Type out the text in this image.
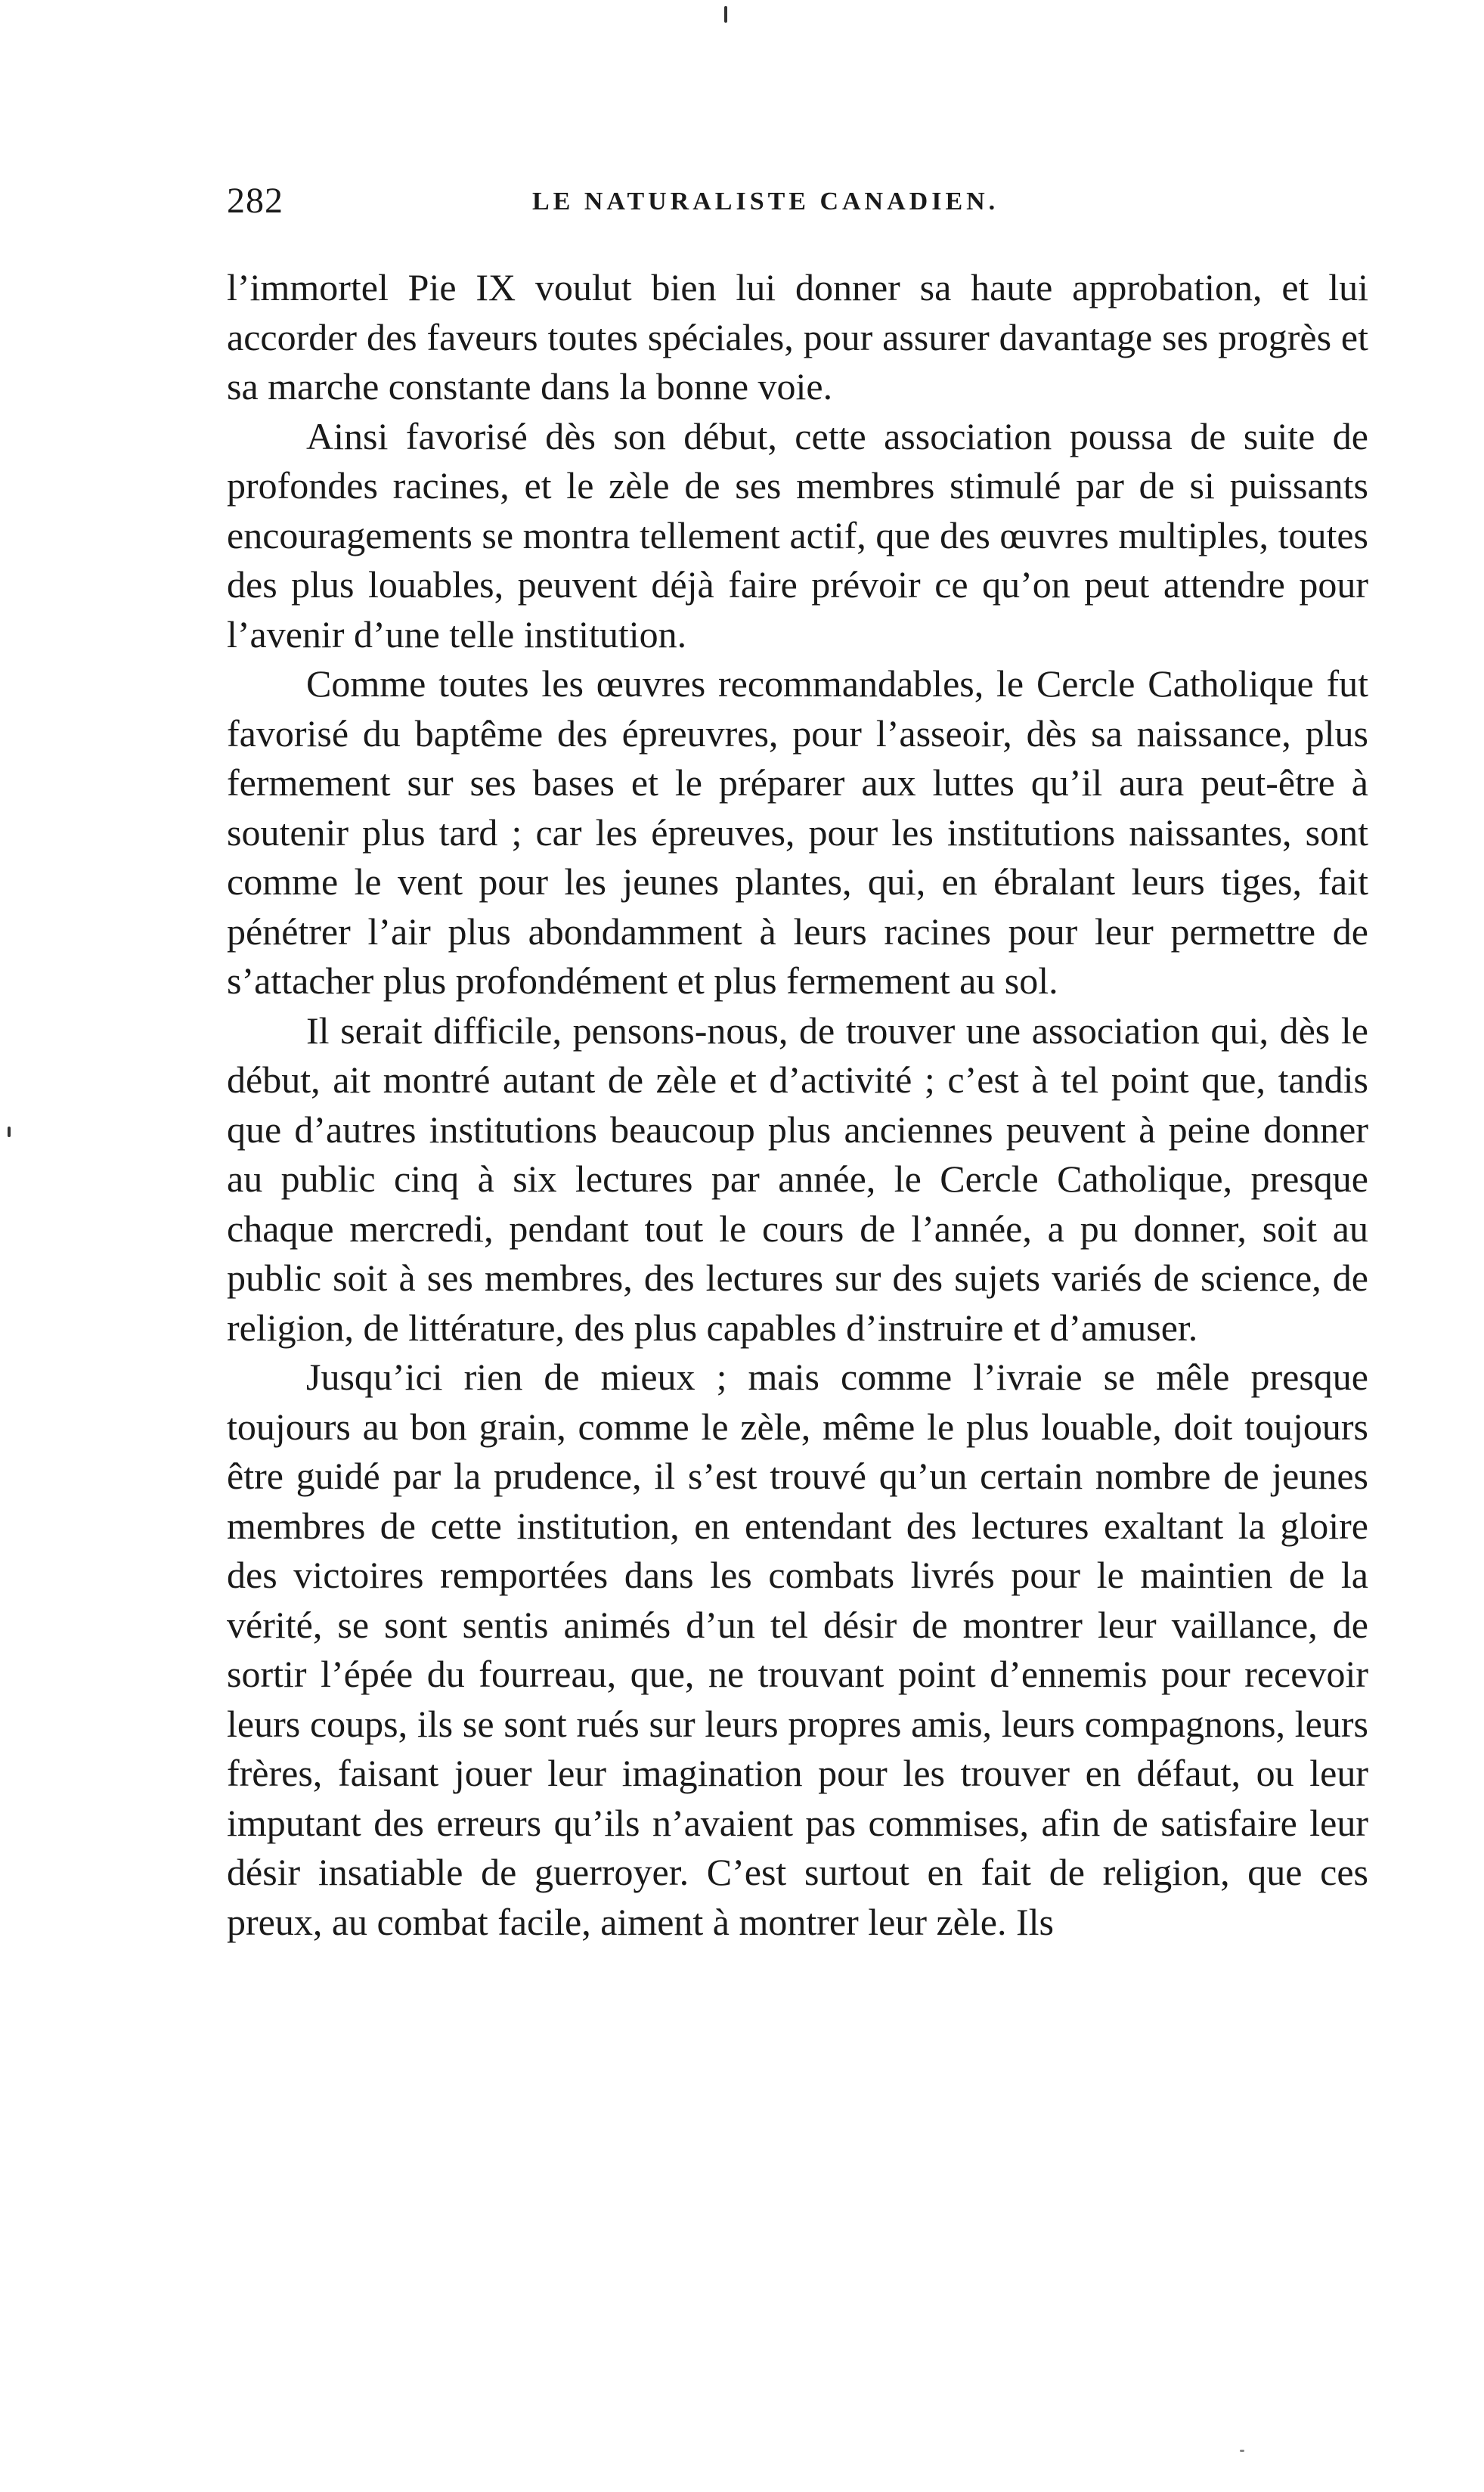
282	LE NATURALISTE CANADIEN.

l’immortel Pie IX voulut bien lui donner sa haute approbation, et lui accorder des faveurs toutes spéciales, pour assurer davantage ses progrès et sa marche constante dans la bonne voie.

Ainsi favorisé dès son début, cette association poussa de suite de profondes racines, et le zèle de ses membres stimulé par de si puissants encouragements se montra tellement actif, que des œuvres multiples, toutes des plus louables, peuvent déjà faire prévoir ce qu’on peut attendre pour l’avenir d’une telle institution.

Comme toutes les œuvres recommandables, le Cercle Catholique fut favorisé du baptême des épreuvres, pour l’asseoir, dès sa naissance, plus fermement sur ses bases et le préparer aux luttes qu’il aura peut-être à soutenir plus tard ; car les épreuves, pour les institutions naissantes, sont comme le vent pour les jeunes plantes, qui, en ébralant leurs tiges, fait pénétrer l’air plus abondamment à leurs racines pour leur permettre de s’attacher plus profondément et plus fermement au sol.

Il serait difficile, pensons-nous, de trouver une association qui, dès le début, ait montré autant de zèle et d’activité ; c’est à tel point que, tandis que d’autres institutions beaucoup plus anciennes peuvent à peine donner au public cinq à six lectures par année, le Cercle Catholique, presque chaque mercredi, pendant tout le cours de l’année, a pu donner, soit au public soit à ses membres, des lectures sur des sujets variés de science, de religion, de littérature, des plus capables d’instruire et d’amuser.

Jusqu’ici rien de mieux ; mais comme l’ivraie se mêle presque toujours au bon grain, comme le zèle, même le plus louable, doit toujours être guidé par la prudence, il s’est trouvé qu’un certain nombre de jeunes membres de cette institution, en entendant des lectures exaltant la gloire des victoires remportées dans les combats livrés pour le maintien de la vérité, se sont sentis animés d’un tel désir de montrer leur vaillance, de sortir l’épée du fourreau, que, ne trouvant point d’ennemis pour recevoir leurs coups, ils se sont rués sur leurs propres amis, leurs compagnons, leurs frères, faisant jouer leur imagination pour les trouver en défaut, ou leur imputant des erreurs qu’ils n’avaient pas commises, afin de satisfaire leur désir insatiable de guerroyer. C’est surtout en fait de religion, que ces preux, au combat facile, aiment à montrer leur zèle. Ils
